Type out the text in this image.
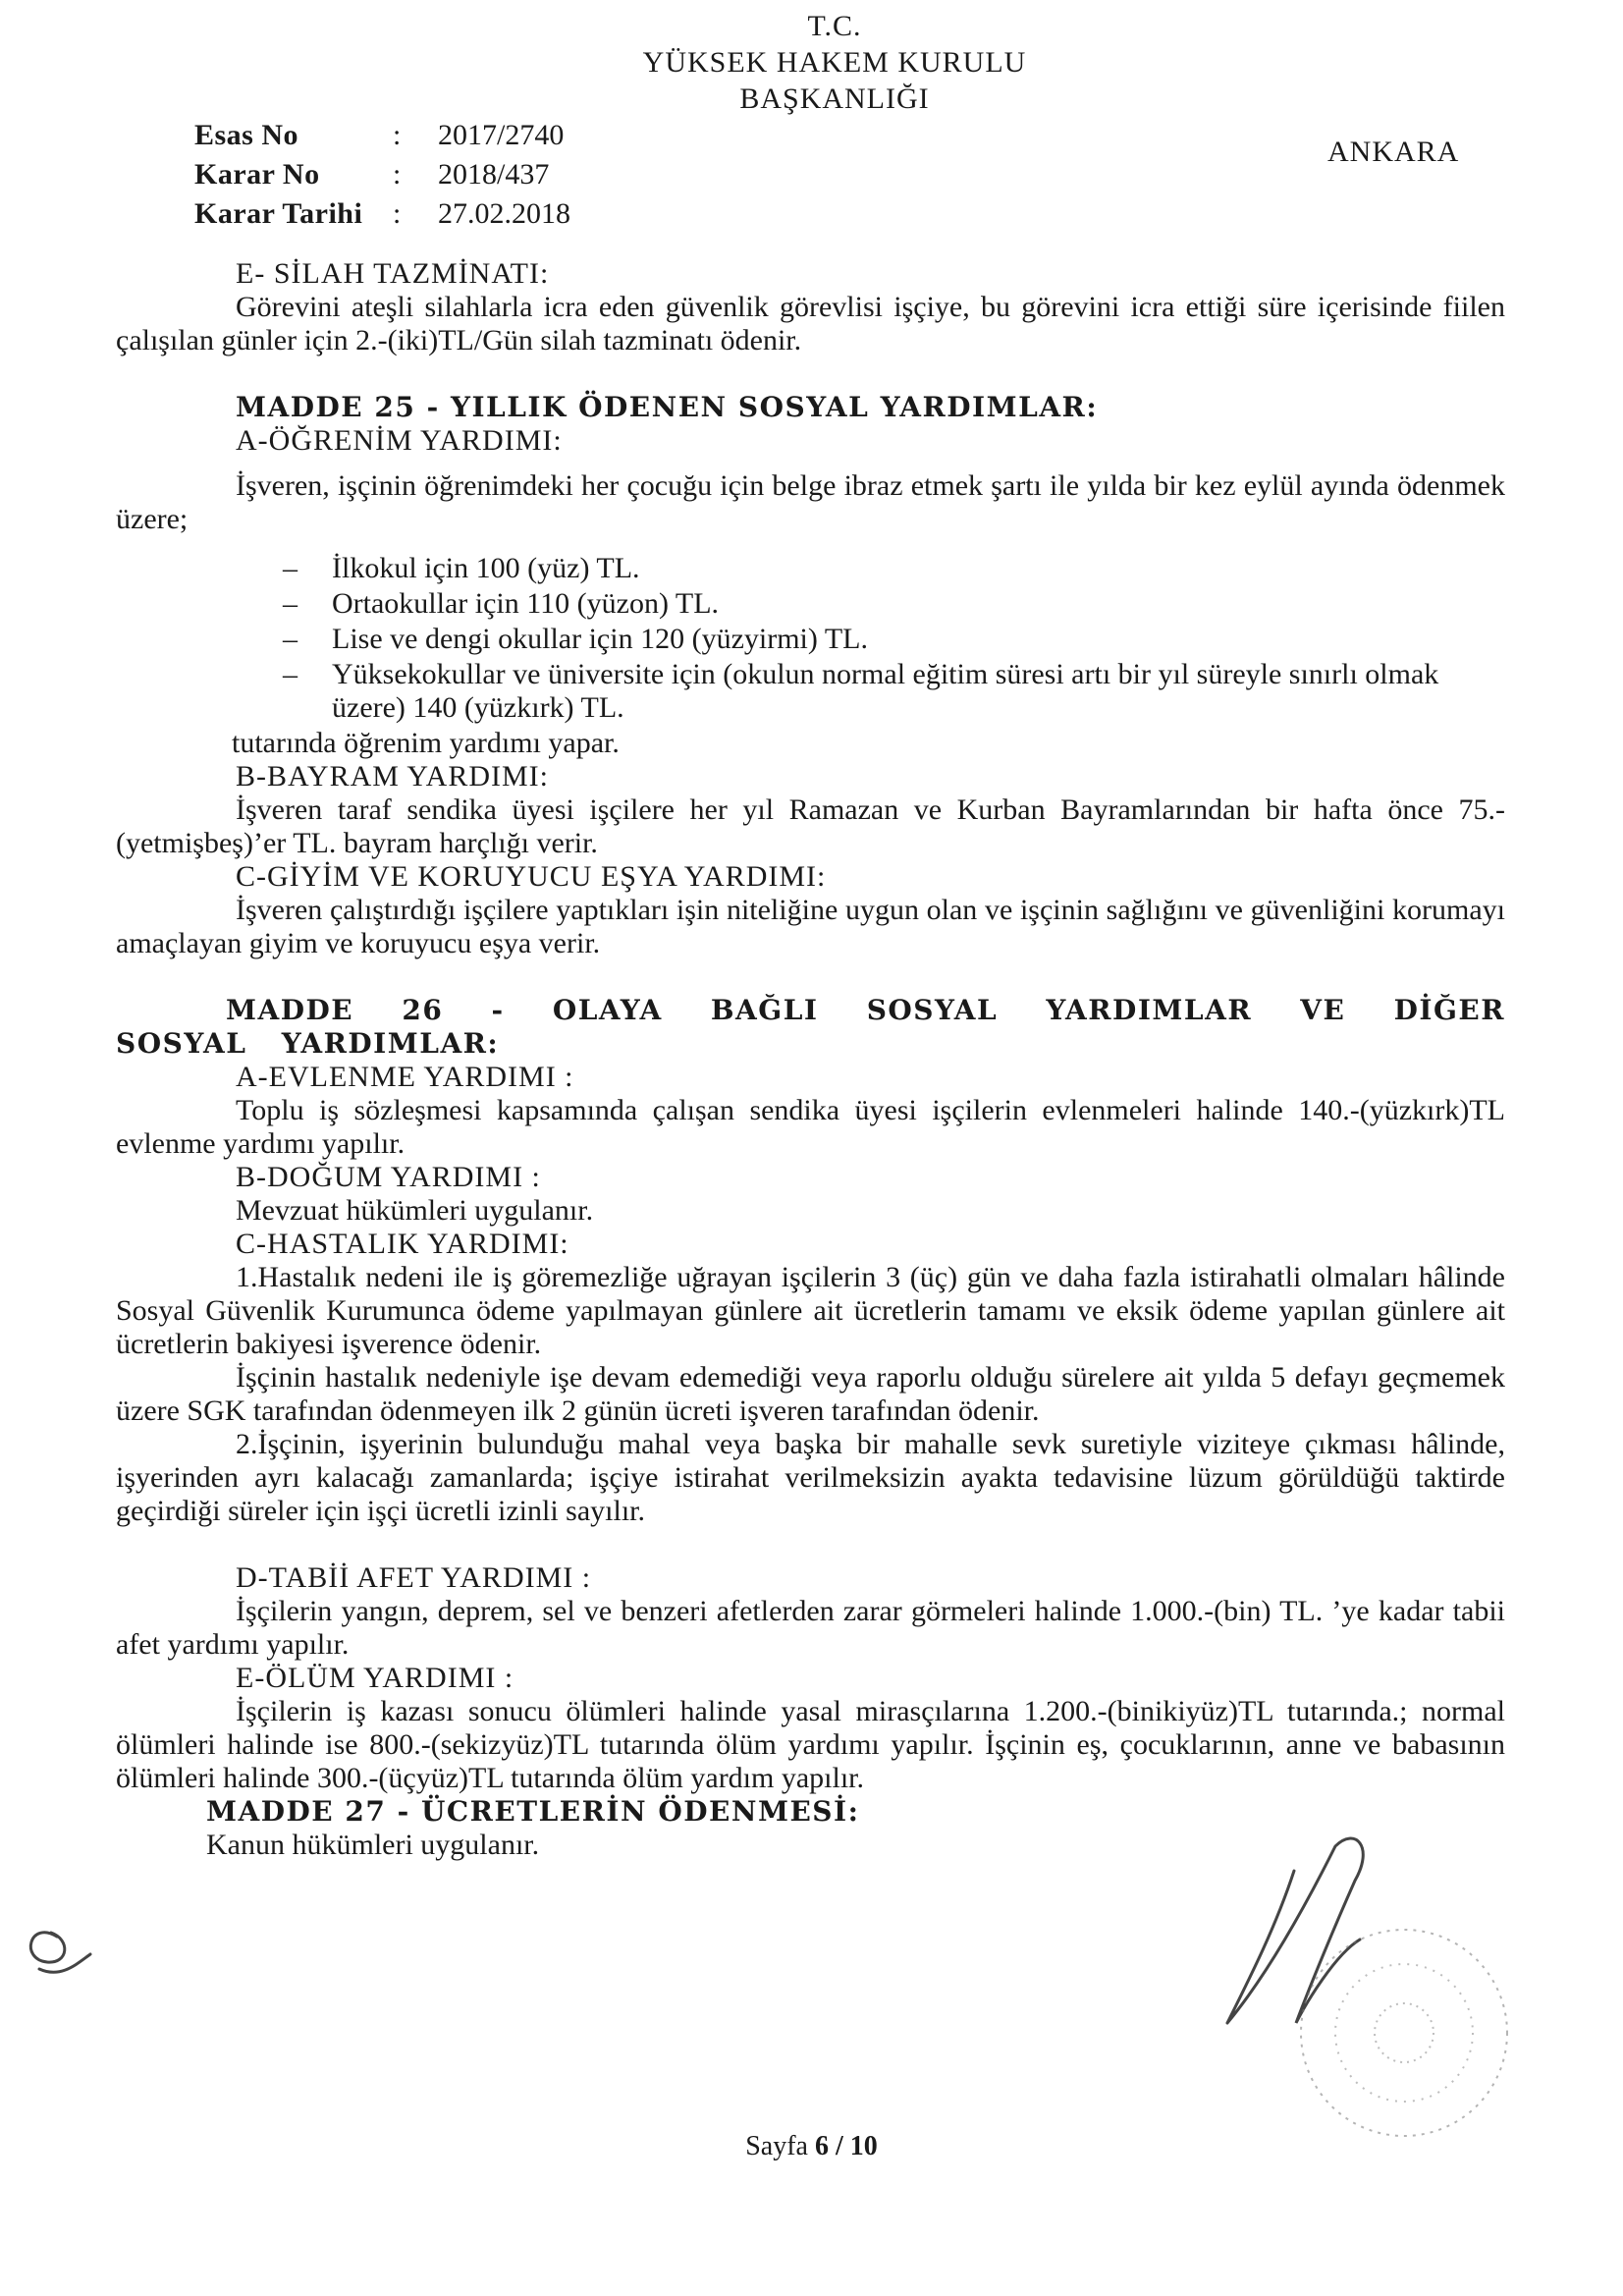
T.C.
YÜKSEK HAKEM KURULU
BAŞKANLIĞI
Esas No	:	2017/2740
Karar No	:	2018/437
Karar Tarihi	:	27.02.2018
ANKARA

E- SİLAH TAZMİNATI:

Görevini ateşli silahlarla icra eden güvenlik görevlisi işçiye, bu görevini icra ettiği süre içerisinde fiilen çalışılan günler için 2.-(iki)TL/Gün silah tazminatı ödenir.

MADDE 25 - YILLIK ÖDENEN SOSYAL YARDIMLAR:

A-ÖĞRENİM YARDIMI:

İşveren, işçinin öğrenimdeki her çocuğu için belge ibraz etmek şartı ile yılda bir kez eylül ayında ödenmek üzere;

– İlkokul için 100 (yüz) TL.
– Ortaokullar için 110 (yüzon) TL.
– Lise ve dengi okullar için 120 (yüzyirmi) TL.
– Yüksekokullar ve üniversite için (okulun normal eğitim süresi artı bir yıl süreyle sınırlı olmak üzere) 140 (yüzkırk) TL.

tutarında öğrenim yardımı yapar.

B-BAYRAM YARDIMI:

İşveren taraf sendika üyesi işçilere her yıl Ramazan ve Kurban Bayramlarından bir hafta önce 75.-(yetmişbeş)’er TL. bayram harçlığı verir.

C-GİYİM VE KORUYUCU EŞYA YARDIMI:

İşveren çalıştırdığı işçilere yaptıkları işin niteliğine uygun olan ve işçinin sağlığını ve güvenliğini korumayı amaçlayan giyim ve koruyucu eşya verir.

MADDE 26 - OLAYA BAĞLI SOSYAL YARDIMLAR VE DİĞER SOSYAL YARDIMLAR:

A-EVLENME YARDIMI :

Toplu iş sözleşmesi kapsamında çalışan sendika üyesi işçilerin evlenmeleri halinde 140.-(yüzkırk)TL evlenme yardımı yapılır.

B-DOĞUM YARDIMI :

Mevzuat hükümleri uygulanır.

C-HASTALIK YARDIMI:

1.Hastalık nedeni ile iş göremezliğe uğrayan işçilerin 3 (üç) gün ve daha fazla istirahatli olmaları hâlinde Sosyal Güvenlik Kurumunca ödeme yapılmayan günlere ait ücretlerin tamamı ve eksik ödeme yapılan günlere ait ücretlerin bakiyesi işverence ödenir.

İşçinin hastalık nedeniyle işe devam edemediği veya raporlu olduğu sürelere ait yılda 5 defayı geçmemek üzere SGK tarafından ödenmeyen ilk 2 günün ücreti işveren tarafından ödenir.

2.İşçinin, işyerinin bulunduğu mahal veya başka bir mahalle sevk suretiyle viziteye çıkması hâlinde, işyerinden ayrı kalacağı zamanlarda; işçiye istirahat verilmeksizin ayakta tedavisine lüzum görüldüğü taktirde geçirdiği süreler için işçi ücretli izinli sayılır.

D-TABİİ AFET YARDIMI :

İşçilerin yangın, deprem, sel ve benzeri afetlerden zarar görmeleri halinde 1.000.-(bin) TL. ’ye kadar tabii afet yardımı yapılır.

E-ÖLÜM YARDIMI :

İşçilerin iş kazası sonucu ölümleri halinde yasal mirasçılarına 1.200.-(binikiyüz)TL tutarında.; normal ölümleri halinde ise 800.-(sekizyüz)TL tutarında ölüm yardımı yapılır. İşçinin eş, çocuklarının, anne ve babasının ölümleri halinde 300.-(üçyüz)TL tutarında ölüm yardım yapılır.

MADDE 27 - ÜCRETLERİN ÖDENMESİ:

Kanun hükümleri uygulanır.

Sayfa 6 / 10
